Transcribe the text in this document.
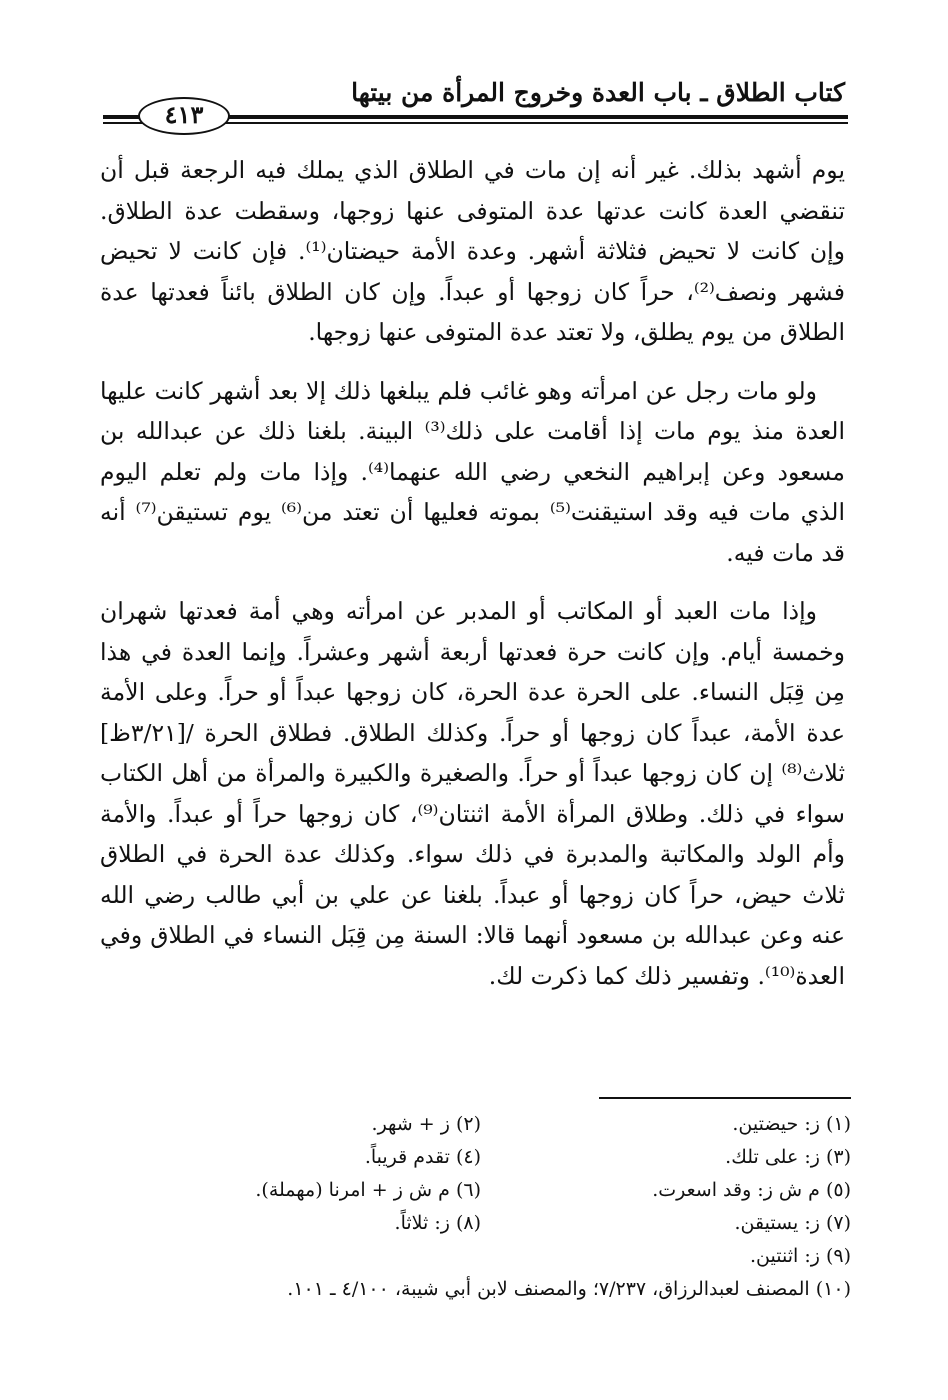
كتاب الطلاق ـ باب العدة وخروج المرأة من بيتها
٤١٣

يوم أشهد بذلك. غير أنه إن مات في الطلاق الذي يملك فيه الرجعة قبل أن تنقضي العدة كانت عدتها عدة المتوفى عنها زوجها، وسقطت عدة الطلاق. وإن كانت لا تحيض فثلاثة أشهر. وعدة الأمة حيضتان⁽¹⁾. فإن كانت لا تحيض فشهر ونصف⁽²⁾، حراً كان زوجها أو عبداً. وإن كان الطلاق بائناً فعدتها عدة الطلاق من يوم يطلق، ولا تعتد عدة المتوفى عنها زوجها.

ولو مات رجل عن امرأته وهو غائب فلم يبلغها ذلك إلا بعد أشهر كانت عليها العدة منذ يوم مات إذا أقامت على ذلك⁽³⁾ البينة. بلغنا ذلك عن عبدالله بن مسعود وعن إبراهيم النخعي رضي الله عنهما⁽⁴⁾. وإذا مات ولم تعلم اليوم الذي مات فيه وقد استيقنت⁽⁵⁾ بموته فعليها أن تعتد من⁽⁶⁾ يوم تستيقن⁽⁷⁾ أنه قد مات فيه.

وإذا مات العبد أو المكاتب أو المدبر عن امرأته وهي أمة فعدتها شهران وخمسة أيام. وإن كانت حرة فعدتها أربعة أشهر وعشراً. وإنما العدة في هذا مِن قِبَل النساء. على الحرة عدة الحرة، كان زوجها عبداً أو حراً. وعلى الأمة عدة الأمة، عبداً كان زوجها أو حراً. وكذلك الطلاق. فطلاق الحرة /[٣/٢١ظ] ثلاث⁽⁸⁾ إن كان زوجها عبداً أو حراً. والصغيرة والكبيرة والمرأة من أهل الكتاب سواء في ذلك. وطلاق المرأة الأمة اثنتان⁽⁹⁾، كان زوجها حراً أو عبداً. والأمة وأم الولد والمكاتبة والمدبرة في ذلك سواء. وكذلك عدة الحرة في الطلاق ثلاث حيض، حراً كان زوجها أو عبداً. بلغنا عن علي بن أبي طالب رضي الله عنه وعن عبدالله بن مسعود أنهما قالا: السنة مِن قِبَل النساء في الطلاق وفي العدة⁽¹⁰⁾. وتفسير ذلك كما ذكرت لك.

(١) ز: حيضتين.
(٢) ز + شهر.
(٣) ز: على تلك.
(٤) تقدم قريباً.
(٥) م ش ز: وقد اسعرت.
(٦) م ش ز + امرنا (مهملة).
(٧) ز: يستيقن.
(٨) ز: ثلاثاً.
(٩) ز: اثنتين.
(١٠) المصنف لعبدالرزاق، ٧/٢٣٧؛ والمصنف لابن أبي شيبة، ٤/١٠٠ ـ ١٠١.
